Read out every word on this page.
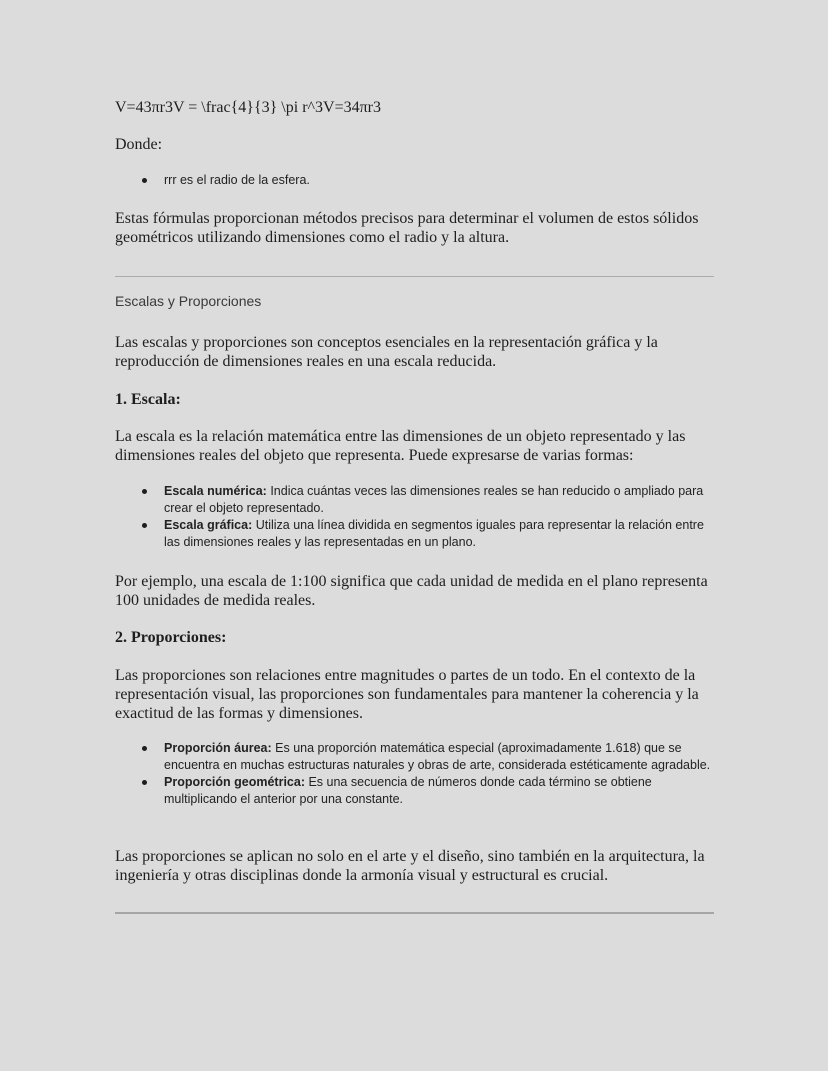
V=43πr3V = \frac{4}{3} \pi r^3V=34πr3
Donde:
rrr es el radio de la esfera.
Estas fórmulas proporcionan métodos precisos para determinar el volumen de estos sólidos geométricos utilizando dimensiones como el radio y la altura.
Escalas y Proporciones
Las escalas y proporciones son conceptos esenciales en la representación gráfica y la reproducción de dimensiones reales en una escala reducida.
1. Escala:
La escala es la relación matemática entre las dimensiones de un objeto representado y las dimensiones reales del objeto que representa. Puede expresarse de varias formas:
Escala numérica: Indica cuántas veces las dimensiones reales se han reducido o ampliado para crear el objeto representado.
Escala gráfica: Utiliza una línea dividida en segmentos iguales para representar la relación entre las dimensiones reales y las representadas en un plano.
Por ejemplo, una escala de 1:100 significa que cada unidad de medida en el plano representa 100 unidades de medida reales.
2. Proporciones:
Las proporciones son relaciones entre magnitudes o partes de un todo. En el contexto de la representación visual, las proporciones son fundamentales para mantener la coherencia y la exactitud de las formas y dimensiones.
Proporción áurea: Es una proporción matemática especial (aproximadamente 1.618) que se encuentra en muchas estructuras naturales y obras de arte, considerada estéticamente agradable.
Proporción geométrica: Es una secuencia de números donde cada término se obtiene multiplicando el anterior por una constante.
Las proporciones se aplican no solo en el arte y el diseño, sino también en la arquitectura, la ingeniería y otras disciplinas donde la armonía visual y estructural es crucial.
